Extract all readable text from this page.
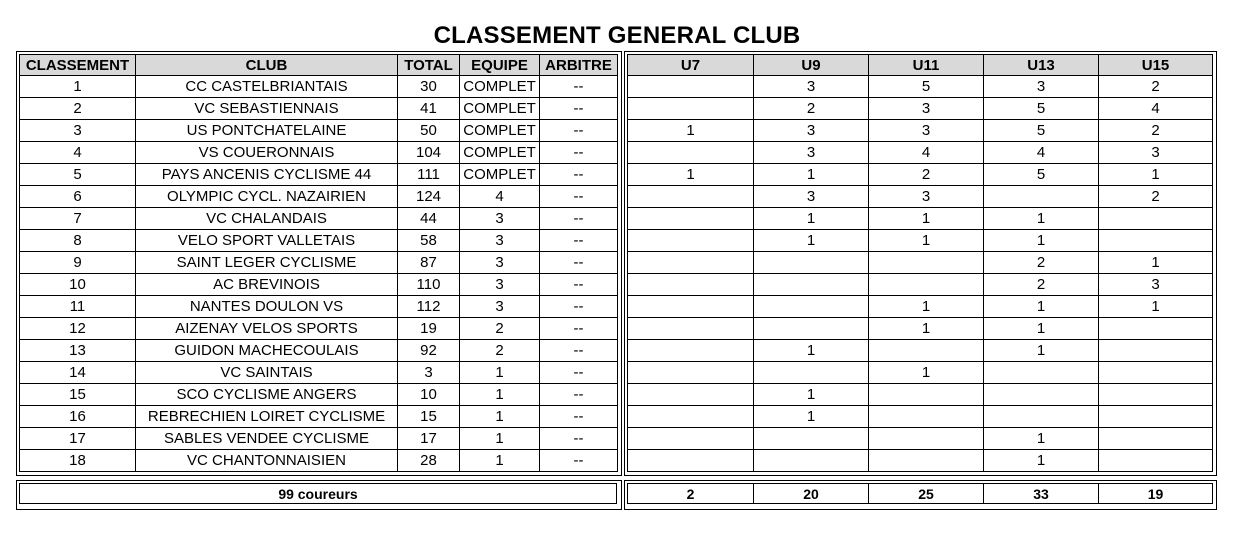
CLASSEMENT GENERAL CLUB
CLASSEMENT	CLUB	TOTAL	EQUIPE	ARBITRE
1	CC CASTELBRIANTAIS	30	COMPLET	--
2	VC SEBASTIENNAIS	41	COMPLET	--
3	US PONTCHATELAINE	50	COMPLET	--
4	VS COUERONNAIS	104	COMPLET	--
5	PAYS ANCENIS CYCLISME 44	111	COMPLET	--
6	OLYMPIC CYCL. NAZAIRIEN	124	4	--
7	VC CHALANDAIS	44	3	--
8	VELO SPORT VALLETAIS	58	3	--
9	SAINT LEGER CYCLISME	87	3	--
10	AC BREVINOIS	110	3	--
11	NANTES DOULON VS	112	3	--
12	AIZENAY VELOS SPORTS	19	2	--
13	GUIDON MACHECOULAIS	92	2	--
14	VC SAINTAIS	3	1	--
15	SCO CYCLISME ANGERS	10	1	--
16	REBRECHIEN LOIRET CYCLISME	15	1	--
17	SABLES VENDEE CYCLISME	17	1	--
18	VC CHANTONNAISIEN	28	1	--
U7	U9	U11	U13	U15
	3	5	3	2
	2	3	5	4
1	3	3	5	2
	3	4	4	3
1	1	2	5	1
	3	3		2
	1	1	1	
	1	1	1	
			2	1
			2	3
		1	1	1
		1	1	
	1		1	
		1		
	1			
	1			
			1	
			1	
99 coureurs	2	20	25	33	19
